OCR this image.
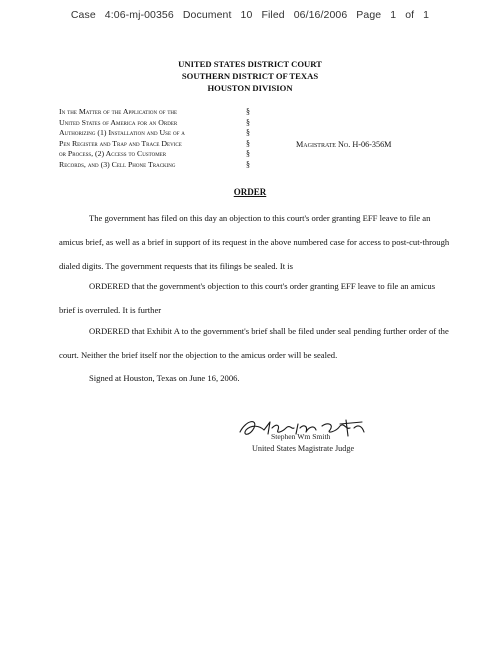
Case 4:06-mj-00356 Document 10 Filed 06/16/2006 Page 1 of 1
UNITED STATES DISTRICT COURT
SOUTHERN DISTRICT OF TEXAS
HOUSTON DIVISION
In the Matter of the Application of the
United States of America for an Order
Authorizing (1) Installation and Use of a
Pen Register and Trap and Trace Device
or Process, (2) Access to Customer
Records, and (3) Cell Phone Tracking
§
§
§
§
§
§
Magistrate No. H-06-356M
ORDER
The government has filed on this day an objection to this court's order granting EFF leave to file an amicus brief, as well as a brief in support of its request in the above numbered case for access to post-cut-through dialed digits. The government requests that its filings be sealed. It is
ORDERED that the government's objection to this court's order granting EFF leave to file an amicus brief is overruled. It is further
ORDERED that Exhibit A to the government's brief shall be filed under seal pending further order of the court. Neither the brief itself nor the objection to the amicus order will be sealed.
Signed at Houston, Texas on June 16, 2006.
Stephen Wm Smith
United States Magistrate Judge
